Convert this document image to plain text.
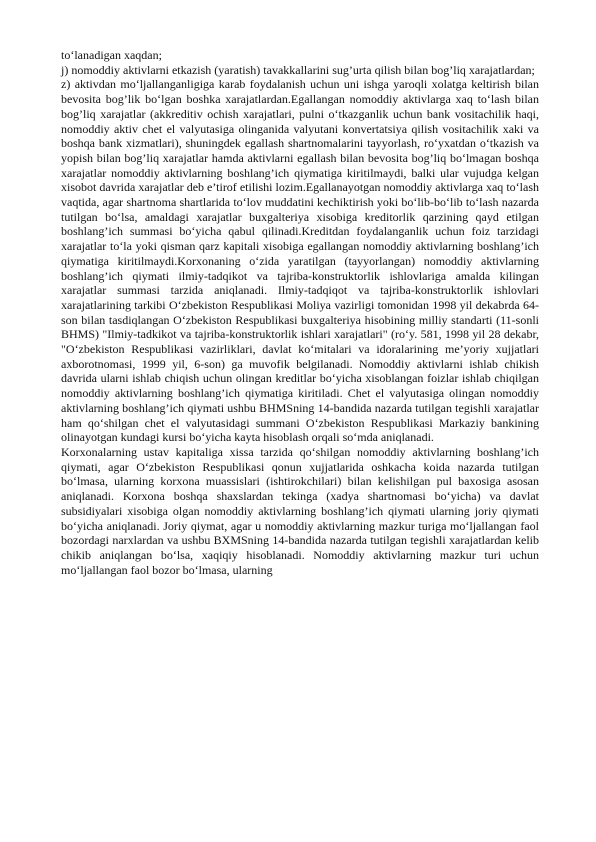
to‘lanadigan xaqdan;

j) nomoddiy aktivlarni etkazish (yaratish) tavakkallarini sug’urta qilish bilan bog’liq xarajatlardan;

z) aktivdan mo‘ljallanganligiga karab foydalanish uchun uni ishga yaroqli xolatga keltirish bilan bevosita bog’lik bo‘lgan boshka xarajatlardan.Egallangan nomoddiy aktivlarga xaq to‘lash bilan bog’liq xarajatlar (akkreditiv ochish xarajatlari, pulni o‘tkazganlik uchun bank vositachilik haqi, nomoddiy aktiv chet el valyutasiga olinganida valyutani konvertatsiya qilish vositachilik xaki va boshqa bank xizmatlari), shuningdek egallash shartnomalarini tayyorlash, ro‘yxatdan o‘tkazish va yopish bilan bog’liq xarajatlar hamda aktivlarni egallash bilan bevosita bog’liq bo‘lmagan boshqa xarajatlar nomoddiy aktivlarning boshlang’ich qiymatiga kiritilmaydi, balki ular vujudga kelgan xisobot davrida xarajatlar deb e’tirof etilishi lozim.Egallanayotgan nomoddiy aktivlarga xaq to‘lash vaqtida, agar shartnoma shartlarida to‘lov muddatini kechiktirish yoki bo‘lib-bo‘lib to‘lash nazarda tutilgan bo‘lsa, amaldagi xarajatlar buxgalteriya xisobiga kreditorlik qarzining qayd etilgan boshlang’ich summasi bo‘yicha qabul qilinadi.Kreditdan foydalanganlik uchun foiz tarzidagi xarajatlar to‘la yoki qisman qarz kapitali xisobiga egallangan nomoddiy aktivlarning boshlang’ich qiymatiga kiritilmaydi.Korxonaning o‘zida yaratilgan (tayyorlangan) nomoddiy aktivlarning boshlang’ich qiymati ilmiy-tadqikot va tajriba-konstruktorlik ishlovlariga amalda kilingan xarajatlar summasi tarzida aniqlanadi. Ilmiy-tadqiqot va tajriba-konstruktorlik ishlovlari xarajatlarining tarkibi O‘zbekiston Respublikasi Moliya vazirligi tomonidan 1998 yil dekabrda 64-son bilan tasdiqlangan O‘zbekiston Respublikasi buxgalteriya hisobining milliy standarti (11-sonli BHMS) "Ilmiy-tadkikot va tajriba-konstruktorlik ishlari xarajatlari" (ro‘y. 581, 1998 yil 28 dekabr, "O‘zbekiston Respublikasi vazirliklari, davlat ko‘mitalari va idoralarining me’yoriy xujjatlari axborotnomasi, 1999 yil, 6-son) ga muvofik belgilanadi. Nomoddiy aktivlarni ishlab chikish davrida ularni ishlab chiqish uchun olingan kreditlar bo‘yicha xisoblangan foizlar ishlab chiqilgan nomoddiy aktivlarning boshlang’ich qiymatiga kiritiladi. Chet el valyutasiga olingan nomoddiy aktivlarning boshlang’ich qiymati ushbu BHMSning 14-bandida nazarda tutilgan tegishli xarajatlar ham qo‘shilgan chet el valyutasidagi summani O‘zbekiston Respublikasi Markaziy bankining olinayotgan kundagi kursi bo‘yicha kayta hisoblash orqali so‘mda aniqlanadi.

Korxonalarning ustav kapitaliga xissa tarzida qo‘shilgan nomoddiy aktivlarning boshlang’ich qiymati, agar O‘zbekiston Respublikasi qonun xujjatlarida oshkacha koida nazarda tutilgan bo‘lmasa, ularning korxona muassislari (ishtirokchilari) bilan kelishilgan pul baxosiga asosan aniqlanadi. Korxona boshqa shaxslardan tekinga (xadya shartnomasi bo‘yicha) va davlat subsidiyalari xisobiga olgan nomoddiy aktivlarning boshlang’ich qiymati ularning joriy qiymati bo‘yicha aniqlanadi. Joriy qiymat, agar u nomoddiy aktivlarning mazkur turiga mo‘ljallangan faol bozordagi narxlardan va ushbu BXMSning 14-bandida nazarda tutilgan tegishli xarajatlardan kelib chikib aniqlangan bo‘lsa, xaqiqiy hisoblanadi. Nomoddiy aktivlarning mazkur turi uchun mo‘ljallangan faol bozor bo‘lmasa, ularning
